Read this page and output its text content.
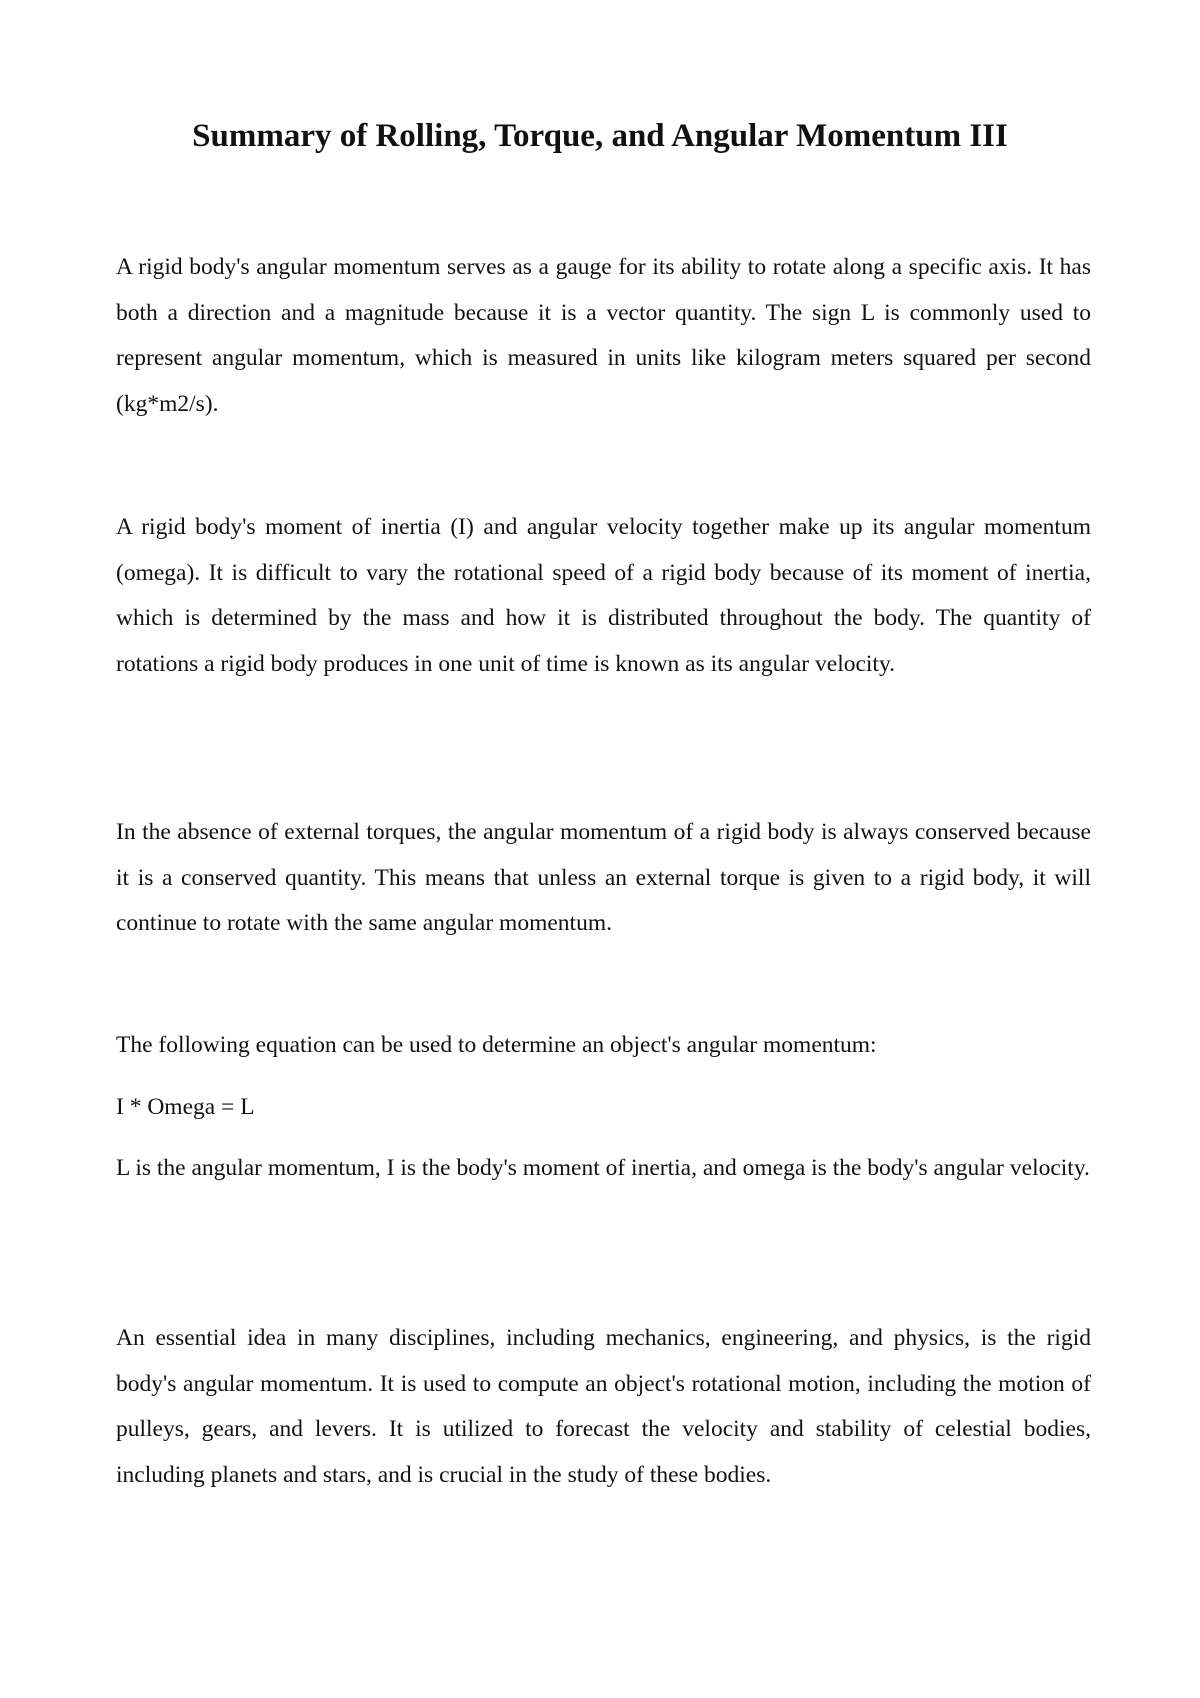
Summary of Rolling, Torque, and Angular Momentum III

A rigid body's angular momentum serves as a gauge for its ability to rotate along a specific axis. It has both a direction and a magnitude because it is a vector quantity. The sign L is commonly used to represent angular momentum, which is measured in units like kilogram meters squared per second (kg*m2/s).

A rigid body's moment of inertia (I) and angular velocity together make up its angular momentum (omega). It is difficult to vary the rotational speed of a rigid body because of its moment of inertia, which is determined by the mass and how it is distributed throughout the body. The quantity of rotations a rigid body produces in one unit of time is known as its angular velocity.

In the absence of external torques, the angular momentum of a rigid body is always conserved because it is a conserved quantity. This means that unless an external torque is given to a rigid body, it will continue to rotate with the same angular momentum.

The following equation can be used to determine an object's angular momentum:

I * Omega = L

L is the angular momentum, I is the body's moment of inertia, and omega is the body's angular velocity.

An essential idea in many disciplines, including mechanics, engineering, and physics, is the rigid body's angular momentum. It is used to compute an object's rotational motion, including the motion of pulleys, gears, and levers. It is utilized to forecast the velocity and stability of celestial bodies, including planets and stars, and is crucial in the study of these bodies.
